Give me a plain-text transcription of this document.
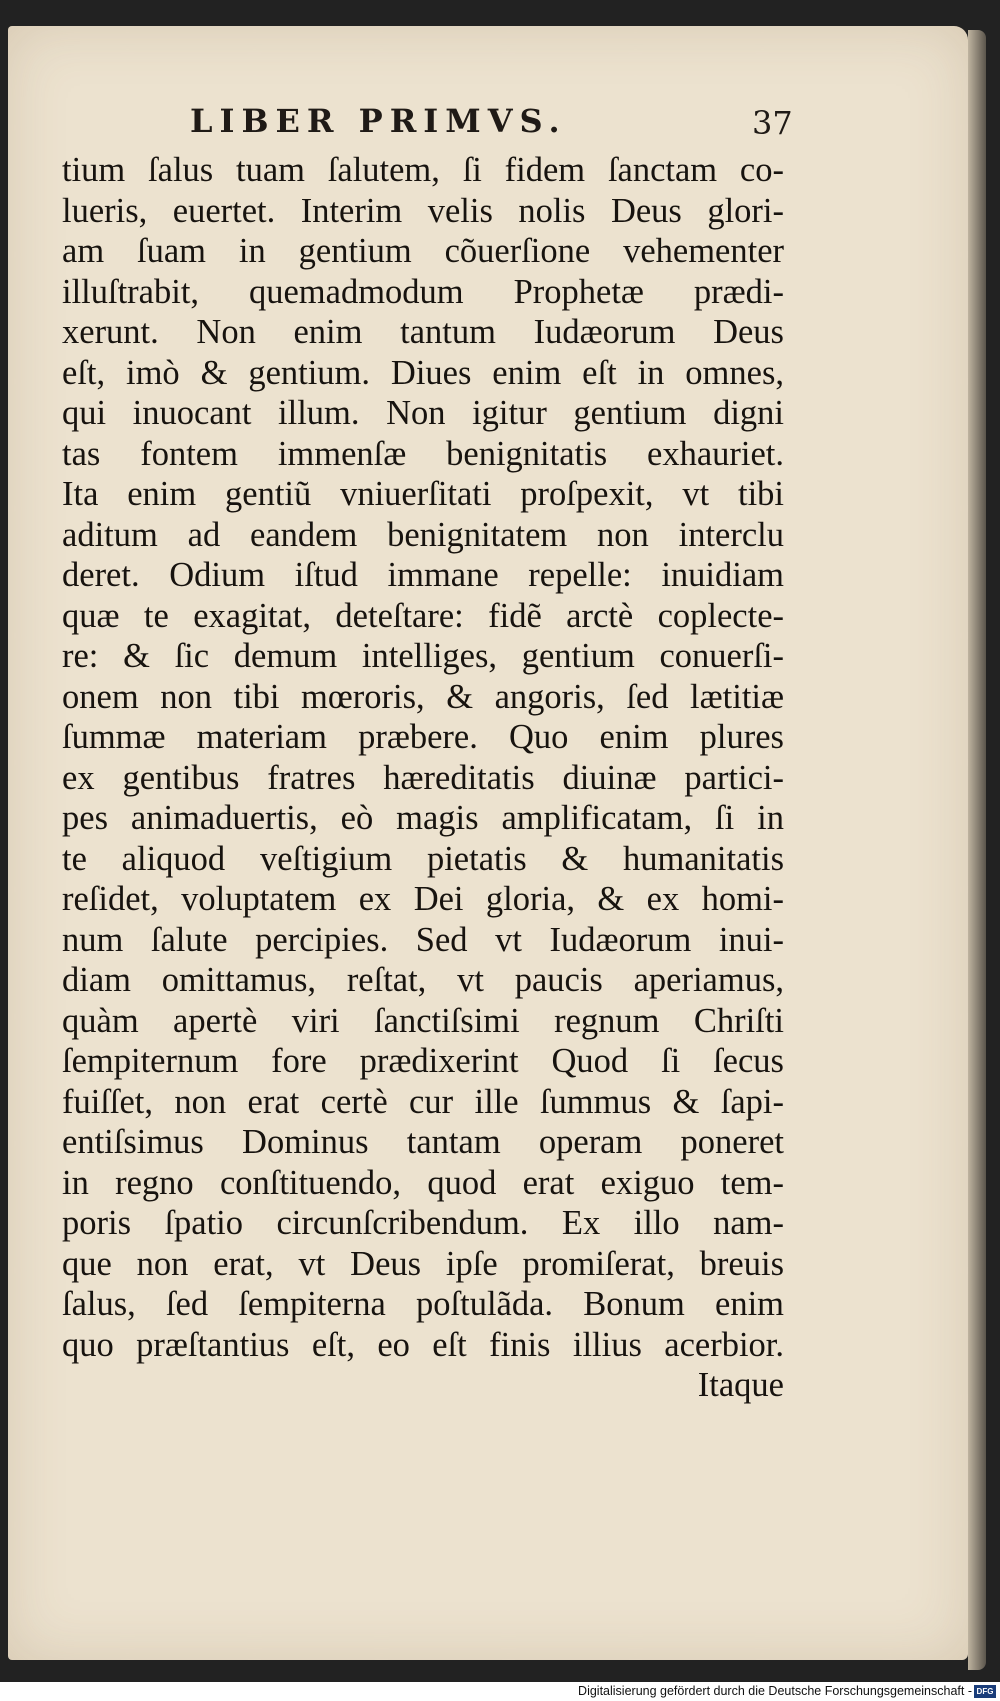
LIBER PRIMVS.	37
tium ſalus tuam ſalutem, ſi fidem ſanctam co-
lueris, euertet. Interim velis nolis Deus glori-
am ſuam in gentium cõuerſione vehementer
illuſtrabit, quemadmodum Prophetæ prædi-
xerunt. Non enim tantum Iudæorum Deus
eſt, imò & gentium. Diues enim eſt in omnes,
qui inuocant illum. Non igitur gentium digni
tas fontem immenſæ benignitatis exhauriet.
Ita enim gentiũ vniuerſitati proſpexit, vt tibi
aditum ad eandem benignitatem non interclu
deret. Odium iſtud immane repelle: inuidiam
quæ te exagitat, deteſtare: fidẽ arctè coplecte-
re: & ſic demum intelliges, gentium conuerſi-
onem non tibi mœroris, & angoris, ſed lætitiæ
ſummæ materiam præbere. Quo enim plures
ex gentibus fratres hæreditatis diuinæ partici-
pes animaduertis, eò magis amplificatam, ſi in
te aliquod veſtigium pietatis & humanitatis
reſidet, voluptatem ex Dei gloria, & ex homi-
num ſalute percipies. Sed vt Iudæorum inui-
diam omittamus, reſtat, vt paucis aperiamus,
quàm apertè viri ſanctiſsimi regnum Chriſti
ſempiternum fore prædixerint Quod ſi ſecus
fuiſſet, non erat certè cur ille ſummus & ſapi-
entiſsimus Dominus tantam operam poneret
in regno conſtituendo, quod erat exiguo tem-
poris ſpatio circunſcribendum. Ex illo nam-
que non erat, vt Deus ipſe promiſerat, breuis
ſalus, ſed ſempiterna poſtulãda. Bonum enim
quo præſtantius eſt, eo eſt finis illius acerbior.
Itaque
Digitalisierung gefördert durch die Deutsche Forschungsgemeinschaft - DFG
